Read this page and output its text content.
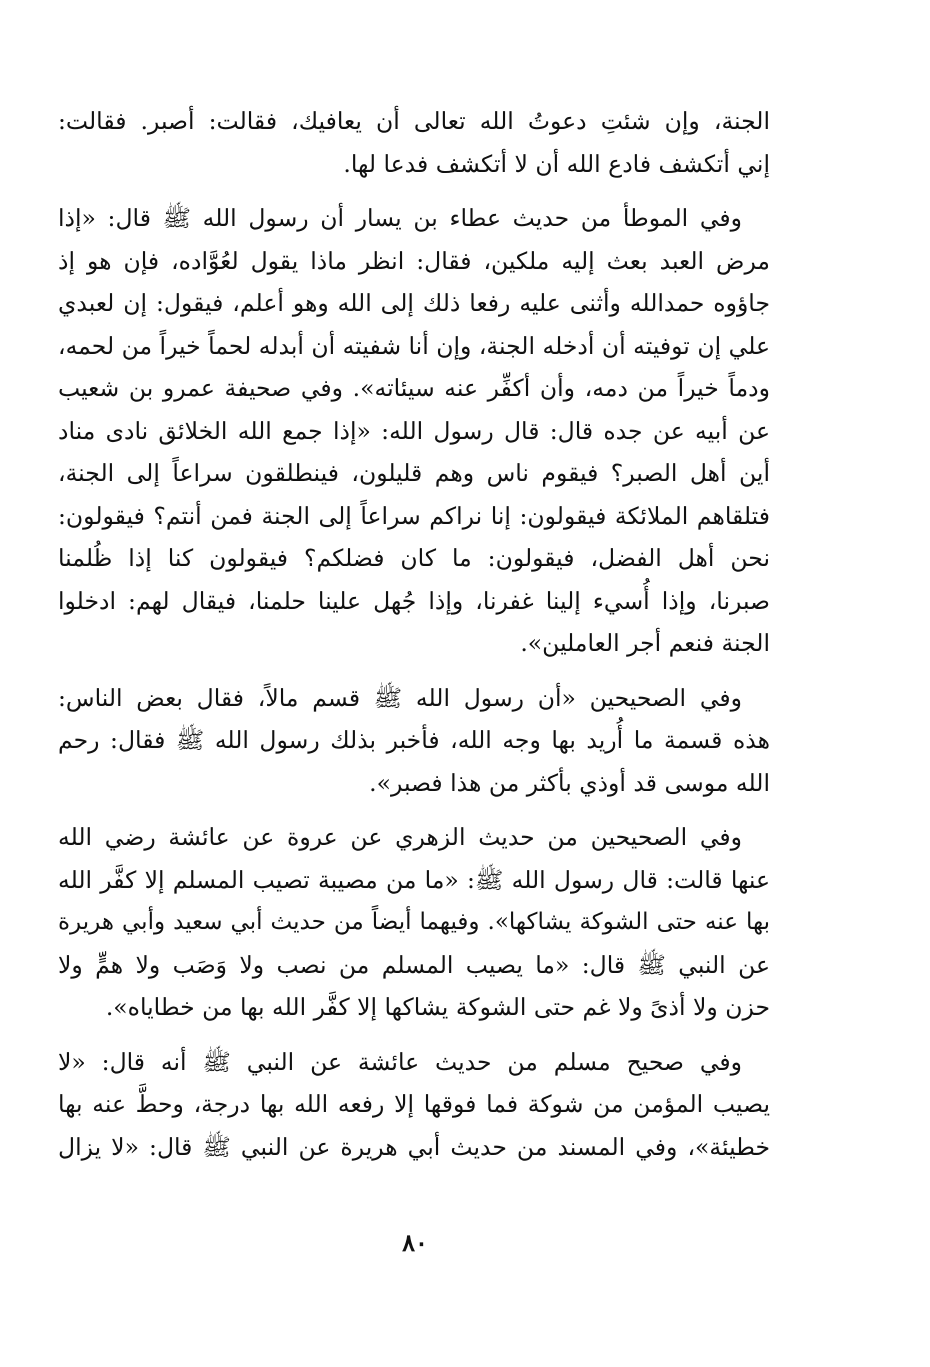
الجنة، وإن شئتِ دعوتُ الله تعالى أن يعافيك، فقالت: أصبر. فقالت:
إني أتكشف فادع الله أن لا أتكشف فدعا لها.
وفي الموطأ من حديث عطاء بن يسار أن رسول الله ﷺ قال: «إذا
مرض العبد بعث إليه ملكين، فقال: انظر ماذا يقول لعُوَّاده، فإن هو إذ
جاؤوه حمدالله وأثنى عليه رفعا ذلك إلى الله وهو أعلم، فيقول: إن لعبدي
علي إن توفيته أن أدخله الجنة، وإن أنا شفيته أن أبدله لحماً خيراً من لحمه،
ودماً خيراً من دمه، وأن أكفِّر عنه سيئاته». وفي صحيفة عمرو بن شعيب
عن أبيه عن جده قال: قال رسول الله: «إذا جمع الله الخلائق نادى مناد
أين أهل الصبر؟ فيقوم ناس وهم قليلون، فينطلقون سراعاً إلى الجنة،
فتلقاهم الملائكة فيقولون: إنا نراكم سراعاً إلى الجنة فمن أنتم؟ فيقولون:
نحن أهل الفضل، فيقولون: ما كان فضلكم؟ فيقولون كنا إذا ظُلمنا
صبرنا، وإذا أُسيء إلينا غفرنا، وإذا جُهل علينا حلمنا، فيقال لهم: ادخلوا
الجنة فنعم أجر العاملين».
وفي الصحيحين «أن رسول الله ﷺ قسم مالاً، فقال بعض الناس:
هذه قسمة ما أُريد بها وجه الله، فأخبر بذلك رسول الله ﷺ فقال: رحم
الله موسى قد أوذي بأكثر من هذا فصبر».
وفي الصحيحين من حديث الزهري عن عروة عن عائشة رضي الله
عنها قالت: قال رسول الله ﷺ: «ما من مصيبة تصيب المسلم إلا كفَّر الله
بها عنه حتى الشوكة يشاكها». وفيهما أيضاً من حديث أبي سعيد وأبي هريرة
عن النبي ﷺ قال: «ما يصيب المسلم من نصب ولا وَصَب ولا همٍّ ولا
حزن ولا أذىً ولا غم حتى الشوكة يشاكها إلا كفَّر الله بها من خطاياه».
وفي صحيح مسلم من حديث عائشة عن النبي ﷺ أنه قال: «لا
يصيب المؤمن من شوكة فما فوقها إلا رفعه الله بها درجة، وحطَّ عنه بها
خطيئة»، وفي المسند من حديث أبي هريرة عن النبي ﷺ قال: «لا يزال
٨٠
